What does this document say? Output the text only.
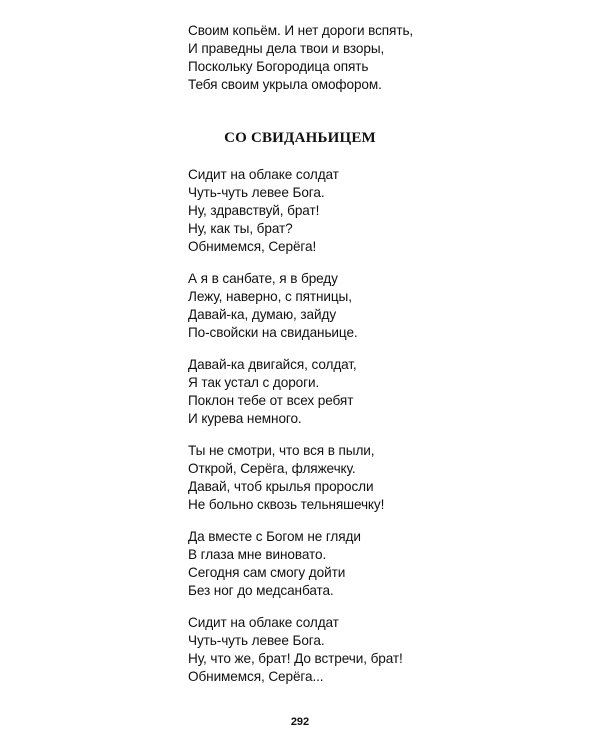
Своим копьём. И нет дороги вспять,
И праведны дела твои и взоры,
Поскольку Богородица опять
Тебя своим укрыла омофором.
СО СВИДАНЬИЦЕМ
Сидит на облаке солдат
Чуть-чуть левее Бога.
Ну, здравствуй, брат!
Ну, как ты, брат?
Обнимемся, Серёга!
А я в санбате, я в бреду
Лежу, наверно, с пятницы,
Давай-ка, думаю, зайду
По-свойски на свиданьице.
Давай-ка двигайся, солдат,
Я так устал с дороги.
Поклон тебе от всех ребят
И курева немного.
Ты не смотри, что вся в пыли,
Открой, Серёга, фляжечку.
Давай, чтоб крылья проросли
Не больно сквозь тельняшечку!
Да вместе с Богом не гляди
В глаза мне виновато.
Сегодня сам смогу дойти
Без ног до медсанбата.
Сидит на облаке солдат
Чуть-чуть левее Бога.
Ну, что же, брат! До встречи, брат!
Обнимемся, Серёга...
292
